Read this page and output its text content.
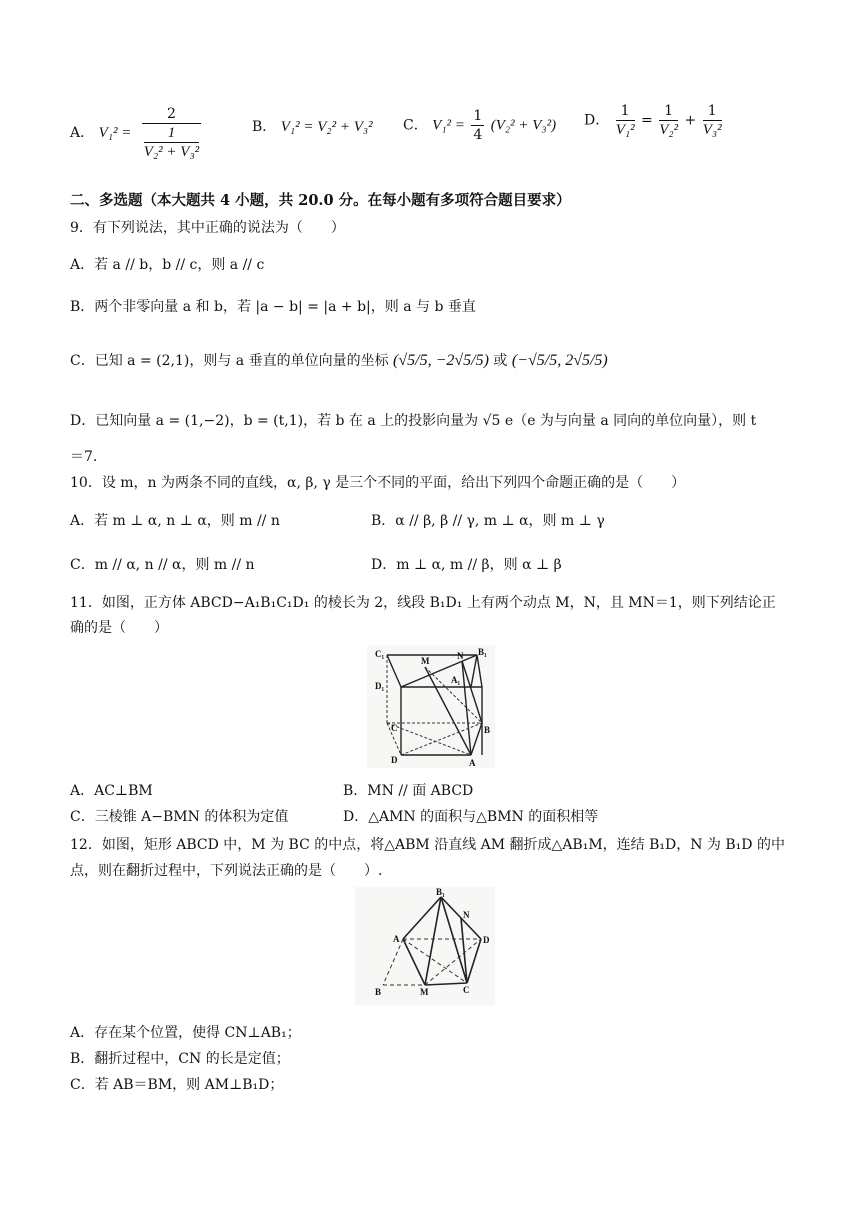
A． $V_1^2 = \frac{2}{\frac{1}{\text{V₂² + V₃²}}}$	B． V₁² = V₂² + V₃² C． $V_1^2 = \frac{1}{4} (V_2^2 + V_3^2)$ D． $\frac{1}{\text{V₁²}} = \frac{1}{\text{V₂²}} + \frac{1}{\text{V₃²}}$
二、多选题（本大题共 4 小题，共 20.0 分。在每小题有多项符合题目要求）
9．有下列说法，其中正确的说法为（　　）
A．若 a // b，b // c，则 a // c
B．两个非零向量 a 和 b，若 |a − b| = |a + b|，则 a 与 b 垂直
C．已知 a = (2,1)，则与 a 垂直的单位向量的坐标 (√5/5, −2√5/5) 或 (−√5/5, 2√5/5)
D．已知向量 a = (1,−2)，b = (t,1)，若 b 在 a 上的投影向量为 √5 e（e 为与向量 a 同向的单位向量），则 t
＝7.
10．设 m，n 为两条不同的直线，α, β, γ 是三个不同的平面，给出下列四个命题正确的是（　　）
A．若 m ⊥ α, n ⊥ α，则 m // n	B．α // β, β // γ, m ⊥ α，则 m ⊥ γ
C．m // α, n // α，则 m // n	D．m ⊥ α, m // β，则 α ⊥ β
11．如图，正方体 ABCD−A₁B₁C₁D₁ 的棱长为 2，线段 B₁D₁ 上有两个动点 M，N，且 MN＝1，则下列结论正
确的是（　　）
C₁
M	N B₁
D₁
A₁
C	B
D	A
A．AC⊥BM	B．MN // 面 ABCD
C．三棱锥 A−BMN 的体积为定值	D．△AMN 的面积与△BMN 的面积相等
12．如图，矩形 ABCD 中，M 为 BC 的中点，将△ABM 沿直线 AM 翻折成△AB₁M，连结 B₁D，N 为 B₁D 的中
点，则在翻折过程中，下列说法正确的是（　　）.
B₁
N
A	D
B	M	C
A．存在某个位置，使得 CN⊥AB₁；
B．翻折过程中，CN 的长是定值；
C．若 AB＝BM，则 AM⊥B₁D；
